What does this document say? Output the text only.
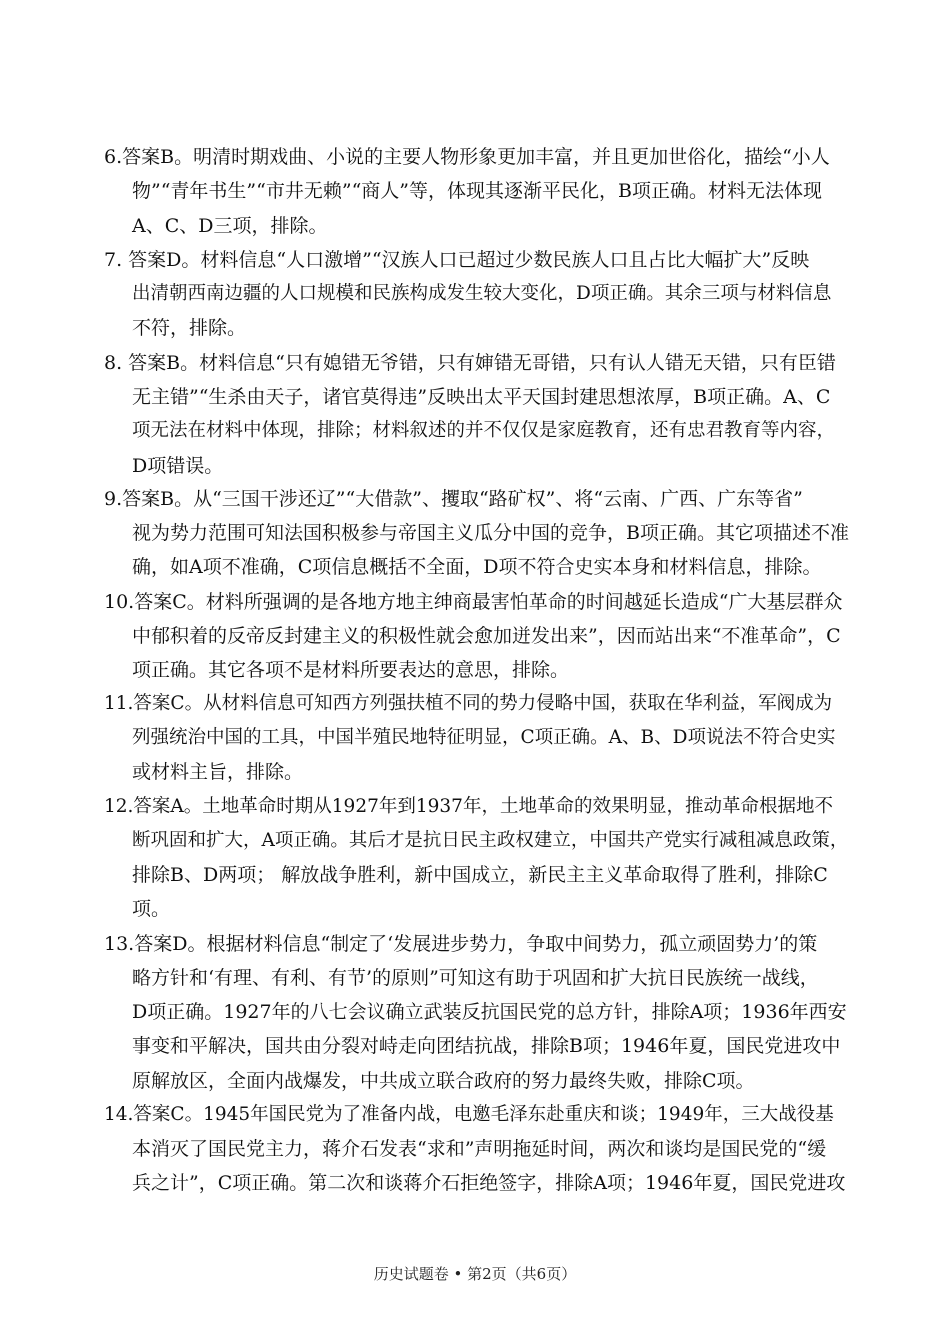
6.答案B。明清时期戏曲、小说的主要人物形象更加丰富，并且更加世俗化，描绘“小人
物”“青年书生”“市井无赖”“商人”等，体现其逐渐平民化，B项正确。材料无法体现
A、C、D三项，排除。
7. 答案D。材料信息“人口激增”“汉族人口已超过少数民族人口且占比大幅扩大”反映
出清朝西南边疆的人口规模和民族构成发生较大变化，D项正确。其余三项与材料信息
不符，排除。
8. 答案B。材料信息“只有媳错无爷错，只有婶错无哥错，只有认人错无天错，只有臣错
无主错”“生杀由天子，诸官莫得违”反映出太平天国封建思想浓厚，B项正确。A、C
项无法在材料中体现，排除；材料叙述的并不仅仅是家庭教育，还有忠君教育等内容，
D项错误。
9.答案B。从“三国干涉还辽”“大借款”、攫取“路矿权”、将“云南、广西、广东等省”
视为势力范围可知法国积极参与帝国主义瓜分中国的竞争，B项正确。其它项描述不准
确，如A项不准确，C项信息概括不全面，D项不符合史实本身和材料信息，排除。
10.答案C。材料所强调的是各地方地主绅商最害怕革命的时间越延长造成“广大基层群众
中郁积着的反帝反封建主义的积极性就会愈加迸发出来”，因而站出来“不准革命”，C
项正确。其它各项不是材料所要表达的意思，排除。
11.答案C。从材料信息可知西方列强扶植不同的势力侵略中国，获取在华利益，军阀成为
列强统治中国的工具，中国半殖民地特征明显，C项正确。A、B、D项说法不符合史实
或材料主旨，排除。
12.答案A。土地革命时期从1927年到1937年，土地革命的效果明显，推动革命根据地不
断巩固和扩大，A项正确。其后才是抗日民主政权建立，中国共产党实行减租减息政策，
排除B、D两项； 解放战争胜利，新中国成立，新民主主义革命取得了胜利，排除C
项。
13.答案D。根据材料信息“制定了‘发展进步势力，争取中间势力，孤立顽固势力’的策
略方针和‘有理、有利、有节’的原则”可知这有助于巩固和扩大抗日民族统一战线，
D项正确。1927年的八七会议确立武装反抗国民党的总方针，排除A项；1936年西安
事变和平解决，国共由分裂对峙走向团结抗战，排除B项；1946年夏，国民党进攻中
原解放区，全面内战爆发，中共成立联合政府的努力最终失败，排除C项。
14.答案C。1945年国民党为了准备内战，电邀毛泽东赴重庆和谈；1949年，三大战役基
本消灭了国民党主力，蒋介石发表“求和”声明拖延时间，两次和谈均是国民党的“缓
兵之计”，C项正确。第二次和谈蒋介石拒绝签字，排除A项；1946年夏，国民党进攻
历史试题卷 • 第2页（共6页）
